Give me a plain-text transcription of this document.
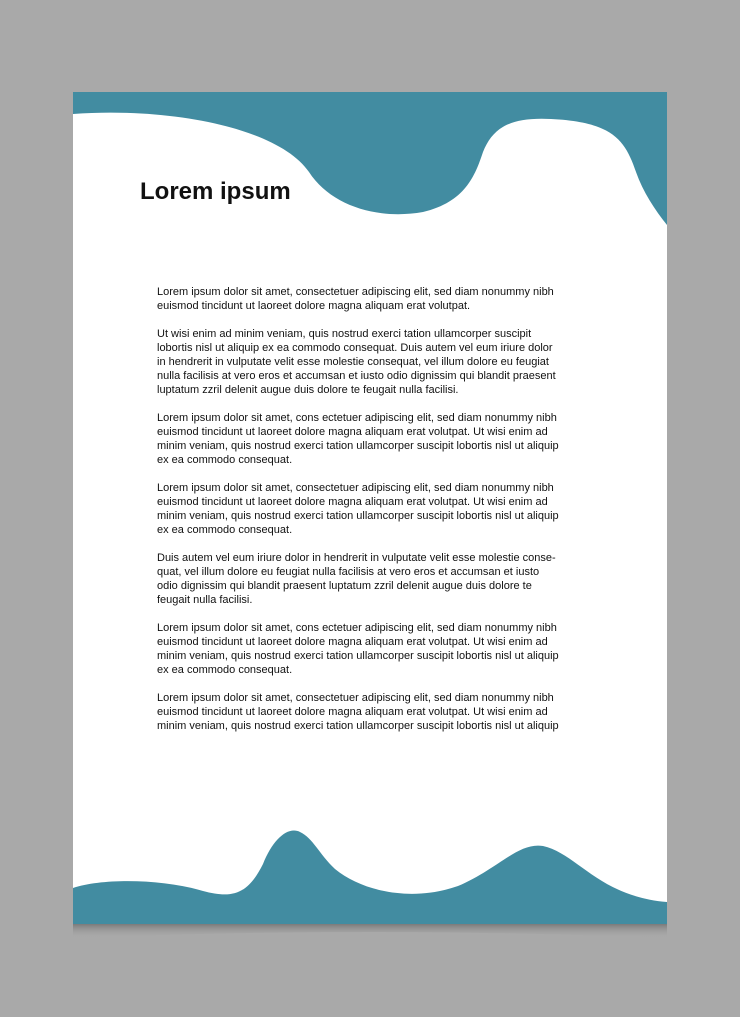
Lorem ipsum

Lorem ipsum dolor sit amet, consectetuer adipiscing elit, sed diam nonummy nibh
euismod tincidunt ut laoreet dolore magna aliquam erat volutpat.

Ut wisi enim ad minim veniam, quis nostrud exerci tation ullamcorper suscipit
lobortis nisl ut aliquip ex ea commodo consequat. Duis autem vel eum iriure dolor
in hendrerit in vulputate velit esse molestie consequat, vel illum dolore eu feugiat
nulla facilisis at vero eros et accumsan et iusto odio dignissim qui blandit praesent
luptatum zzril delenit augue duis dolore te feugait nulla facilisi.

Lorem ipsum dolor sit amet, cons ectetuer adipiscing elit, sed diam nonummy nibh
euismod tincidunt ut laoreet dolore magna aliquam erat volutpat. Ut wisi enim ad
minim veniam, quis nostrud exerci tation ullamcorper suscipit lobortis nisl ut aliquip
ex ea commodo consequat.

Lorem ipsum dolor sit amet, consectetuer adipiscing elit, sed diam nonummy nibh
euismod tincidunt ut laoreet dolore magna aliquam erat volutpat. Ut wisi enim ad
minim veniam, quis nostrud exerci tation ullamcorper suscipit lobortis nisl ut aliquip
ex ea commodo consequat.

Duis autem vel eum iriure dolor in hendrerit in vulputate velit esse molestie conse-
quat, vel illum dolore eu feugiat nulla facilisis at vero eros et accumsan et iusto
odio dignissim qui blandit praesent luptatum zzril delenit augue duis dolore te
feugait nulla facilisi.

Lorem ipsum dolor sit amet, cons ectetuer adipiscing elit, sed diam nonummy nibh
euismod tincidunt ut laoreet dolore magna aliquam erat volutpat. Ut wisi enim ad
minim veniam, quis nostrud exerci tation ullamcorper suscipit lobortis nisl ut aliquip
ex ea commodo consequat.

Lorem ipsum dolor sit amet, consectetuer adipiscing elit, sed diam nonummy nibh
euismod tincidunt ut laoreet dolore magna aliquam erat volutpat. Ut wisi enim ad
minim veniam, quis nostrud exerci tation ullamcorper suscipit lobortis nisl ut aliquip
